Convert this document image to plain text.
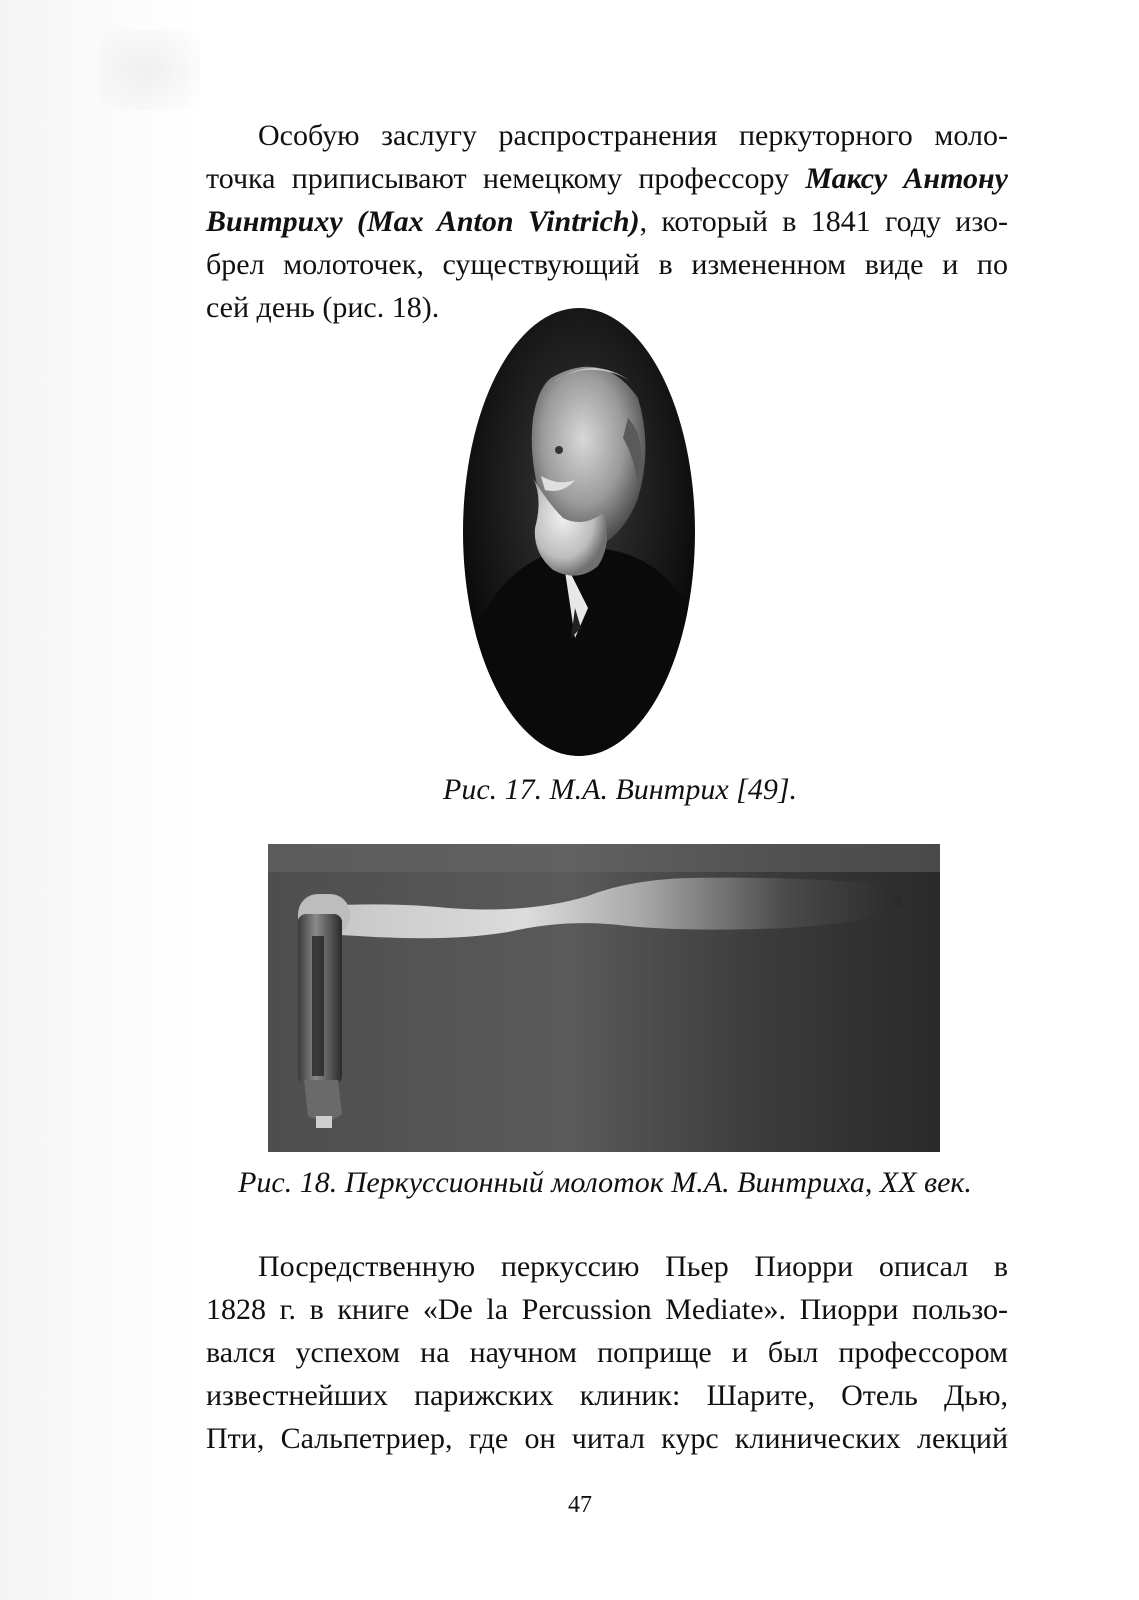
Особую заслугу распространения перкуторного моло-
точка приписывают немецкому профессору Максу Антону
Винтриху (Max Anton Vintrich), который в 1841 году изо-
брел молоточек, существующий в измененном виде и по
сей день (рис. 18).
Рис. 17. М.А. Винтрих [49].
Рис. 18. Перкуссионный молоток М.А. Винтриха, XX век.
Посредственную перкуссию Пьер Пиорри описал в
1828 г. в книге «De la Percussion Mediate». Пиорри пользо-
вался успехом на научном поприще и был профессором
известнейших парижских клиник: Шарите, Отель Дью,
Пти, Сальпетриер, где он читал курс клинических лекций
47
